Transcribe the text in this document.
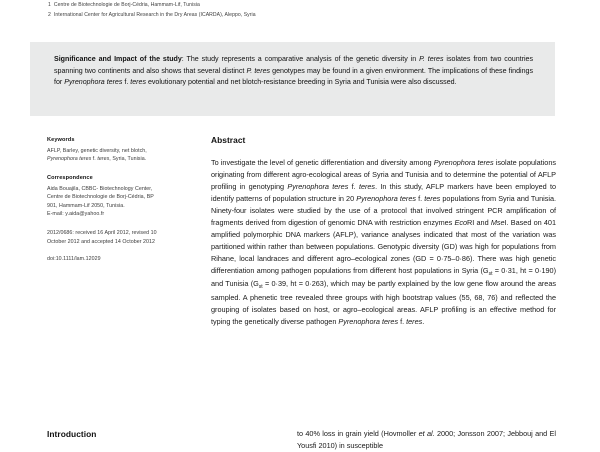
1 Centre de Biotechnologie de Borj-Cédria, Hammam-Lif, Tunisia
2 International Center for Agricultural Research in the Dry Areas (ICARDA), Aleppo, Syria
Significance and Impact of the study: The study represents a comparative analysis of the genetic diversity in P. teres isolates from two countries spanning two continents and also shows that several distinct P. teres genotypes may be found in a given environment. The implications of these findings for Pyrenophora teres f. teres evolutionary potential and net blotch-resistance breeding in Syria and Tunisia were also discussed.
Keywords
AFLP, Barley, genetic diversity, net blotch, Pyrenophora teres f. teres, Syria, Tunisia.
Correspondence
Aida Bouajila, CBBC- Biotechnology Center,
Centre de Biotechnologie de Borj-Cédria, BP
901, Hammam-Lif 2050, Tunisia.
E-mail: y.aida@yahoo.fr
2012/0686: received 16 April 2012, revised 10 October 2012 and accepted 14 October 2012
doi:10.1111/lam.12029
Abstract
To investigate the level of genetic differentiation and diversity among Pyrenophora teres isolate populations originating from different agro-ecological areas of Syria and Tunisia and to determine the potential of AFLP profiling in genotyping Pyrenophora teres f. teres. In this study, AFLP markers have been employed to identify patterns of population structure in 20 Pyrenophora teres f. teres populations from Syria and Tunisia. Ninety-four isolates were studied by the use of a protocol that involved stringent PCR amplification of fragments derived from digestion of genomic DNA with restriction enzymes EcoRI and MseI. Based on 401 amplified polymorphic DNA markers (AFLP), variance analyses indicated that most of the variation was partitioned within rather than between populations. Genotypic diversity (GD) was high for populations from Rihane, local landraces and different agro–ecological zones (GD = 0·75–0·86). There was high genetic differentiation among pathogen populations from different host populations in Syria ($G_{st} = 0\cdot 31$, ht = 0·190) and Tunisia ($G_{st} = 0\cdot 39$, ht = 0·263), which may be partly explained by the low gene flow around the areas sampled. A phenetic tree revealed three groups with high bootstrap values (55, 68, 76) and reflected the grouping of isolates based on host, or agro–ecological areas. AFLP profiling is an effective method for typing the genetically diverse pathogen Pyrenophora teres f. teres.
Introduction	to 40% loss in grain yield (Hovmoller et al. 2000; Jonsson 2007; Jebbouj and El Yousfi 2010) in susceptible
